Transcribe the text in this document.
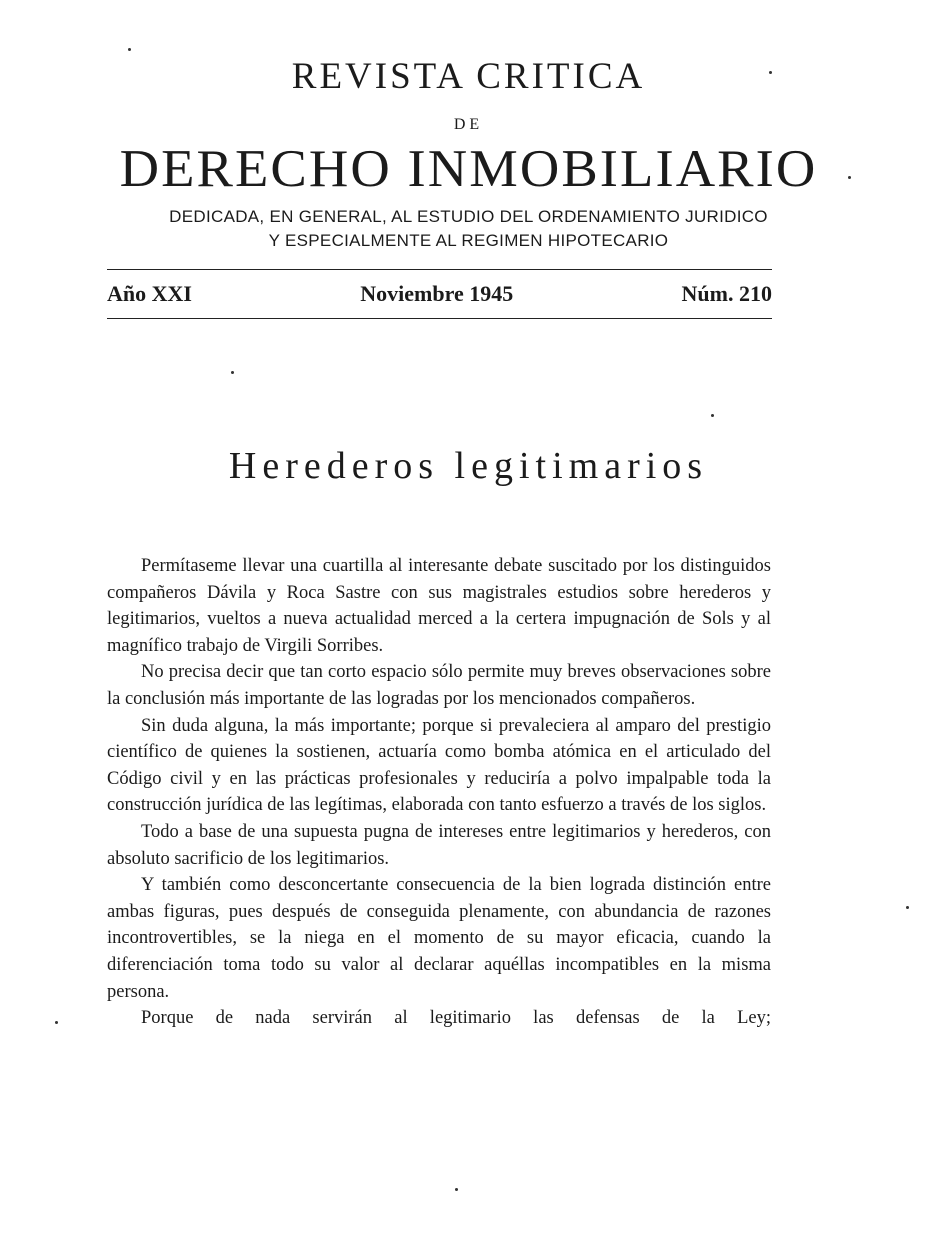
REVISTA CRITICA
DE
DERECHO INMOBILIARIO
DEDICADA, EN GENERAL, AL ESTUDIO DEL ORDENAMIENTO JURIDICO
Y ESPECIALMENTE AL REGIMEN HIPOTECARIO
Año XXI	Noviembre 1945	Núm. 210
Herederos legitimarios

Permítaseme llevar una cuartilla al interesante debate suscitado por los distinguidos compañeros Dávila y Roca Sastre con sus magistrales estudios sobre herederos y legitimarios, vueltos a nueva actualidad merced a la certera impugnación de Sols y al magnífico trabajo de Virgili Sorribes.

No precisa decir que tan corto espacio sólo permite muy breves observaciones sobre la conclusión más importante de las logradas por los mencionados compañeros.

Sin duda alguna, la más importante; porque si prevaleciera al amparo del prestigio científico de quienes la sostienen, actuaría como bomba atómica en el articulado del Código civil y en las prácticas profesionales y reduciría a polvo impalpable toda la construcción jurídica de las legítimas, elaborada con tanto esfuerzo a través de los siglos.

Todo a base de una supuesta pugna de intereses entre legitimarios y herederos, con absoluto sacrificio de los legitimarios.

Y también como desconcertante consecuencia de la bien lograda distinción entre ambas figuras, pues después de conseguida plenamente, con abundancia de razones incontrovertibles, se la niega en el momento de su mayor eficacia, cuando la diferenciación toma todo su valor al declarar aquéllas incompatibles en la misma persona.

Porque de nada servirán al legitimario las defensas de la Ley;
